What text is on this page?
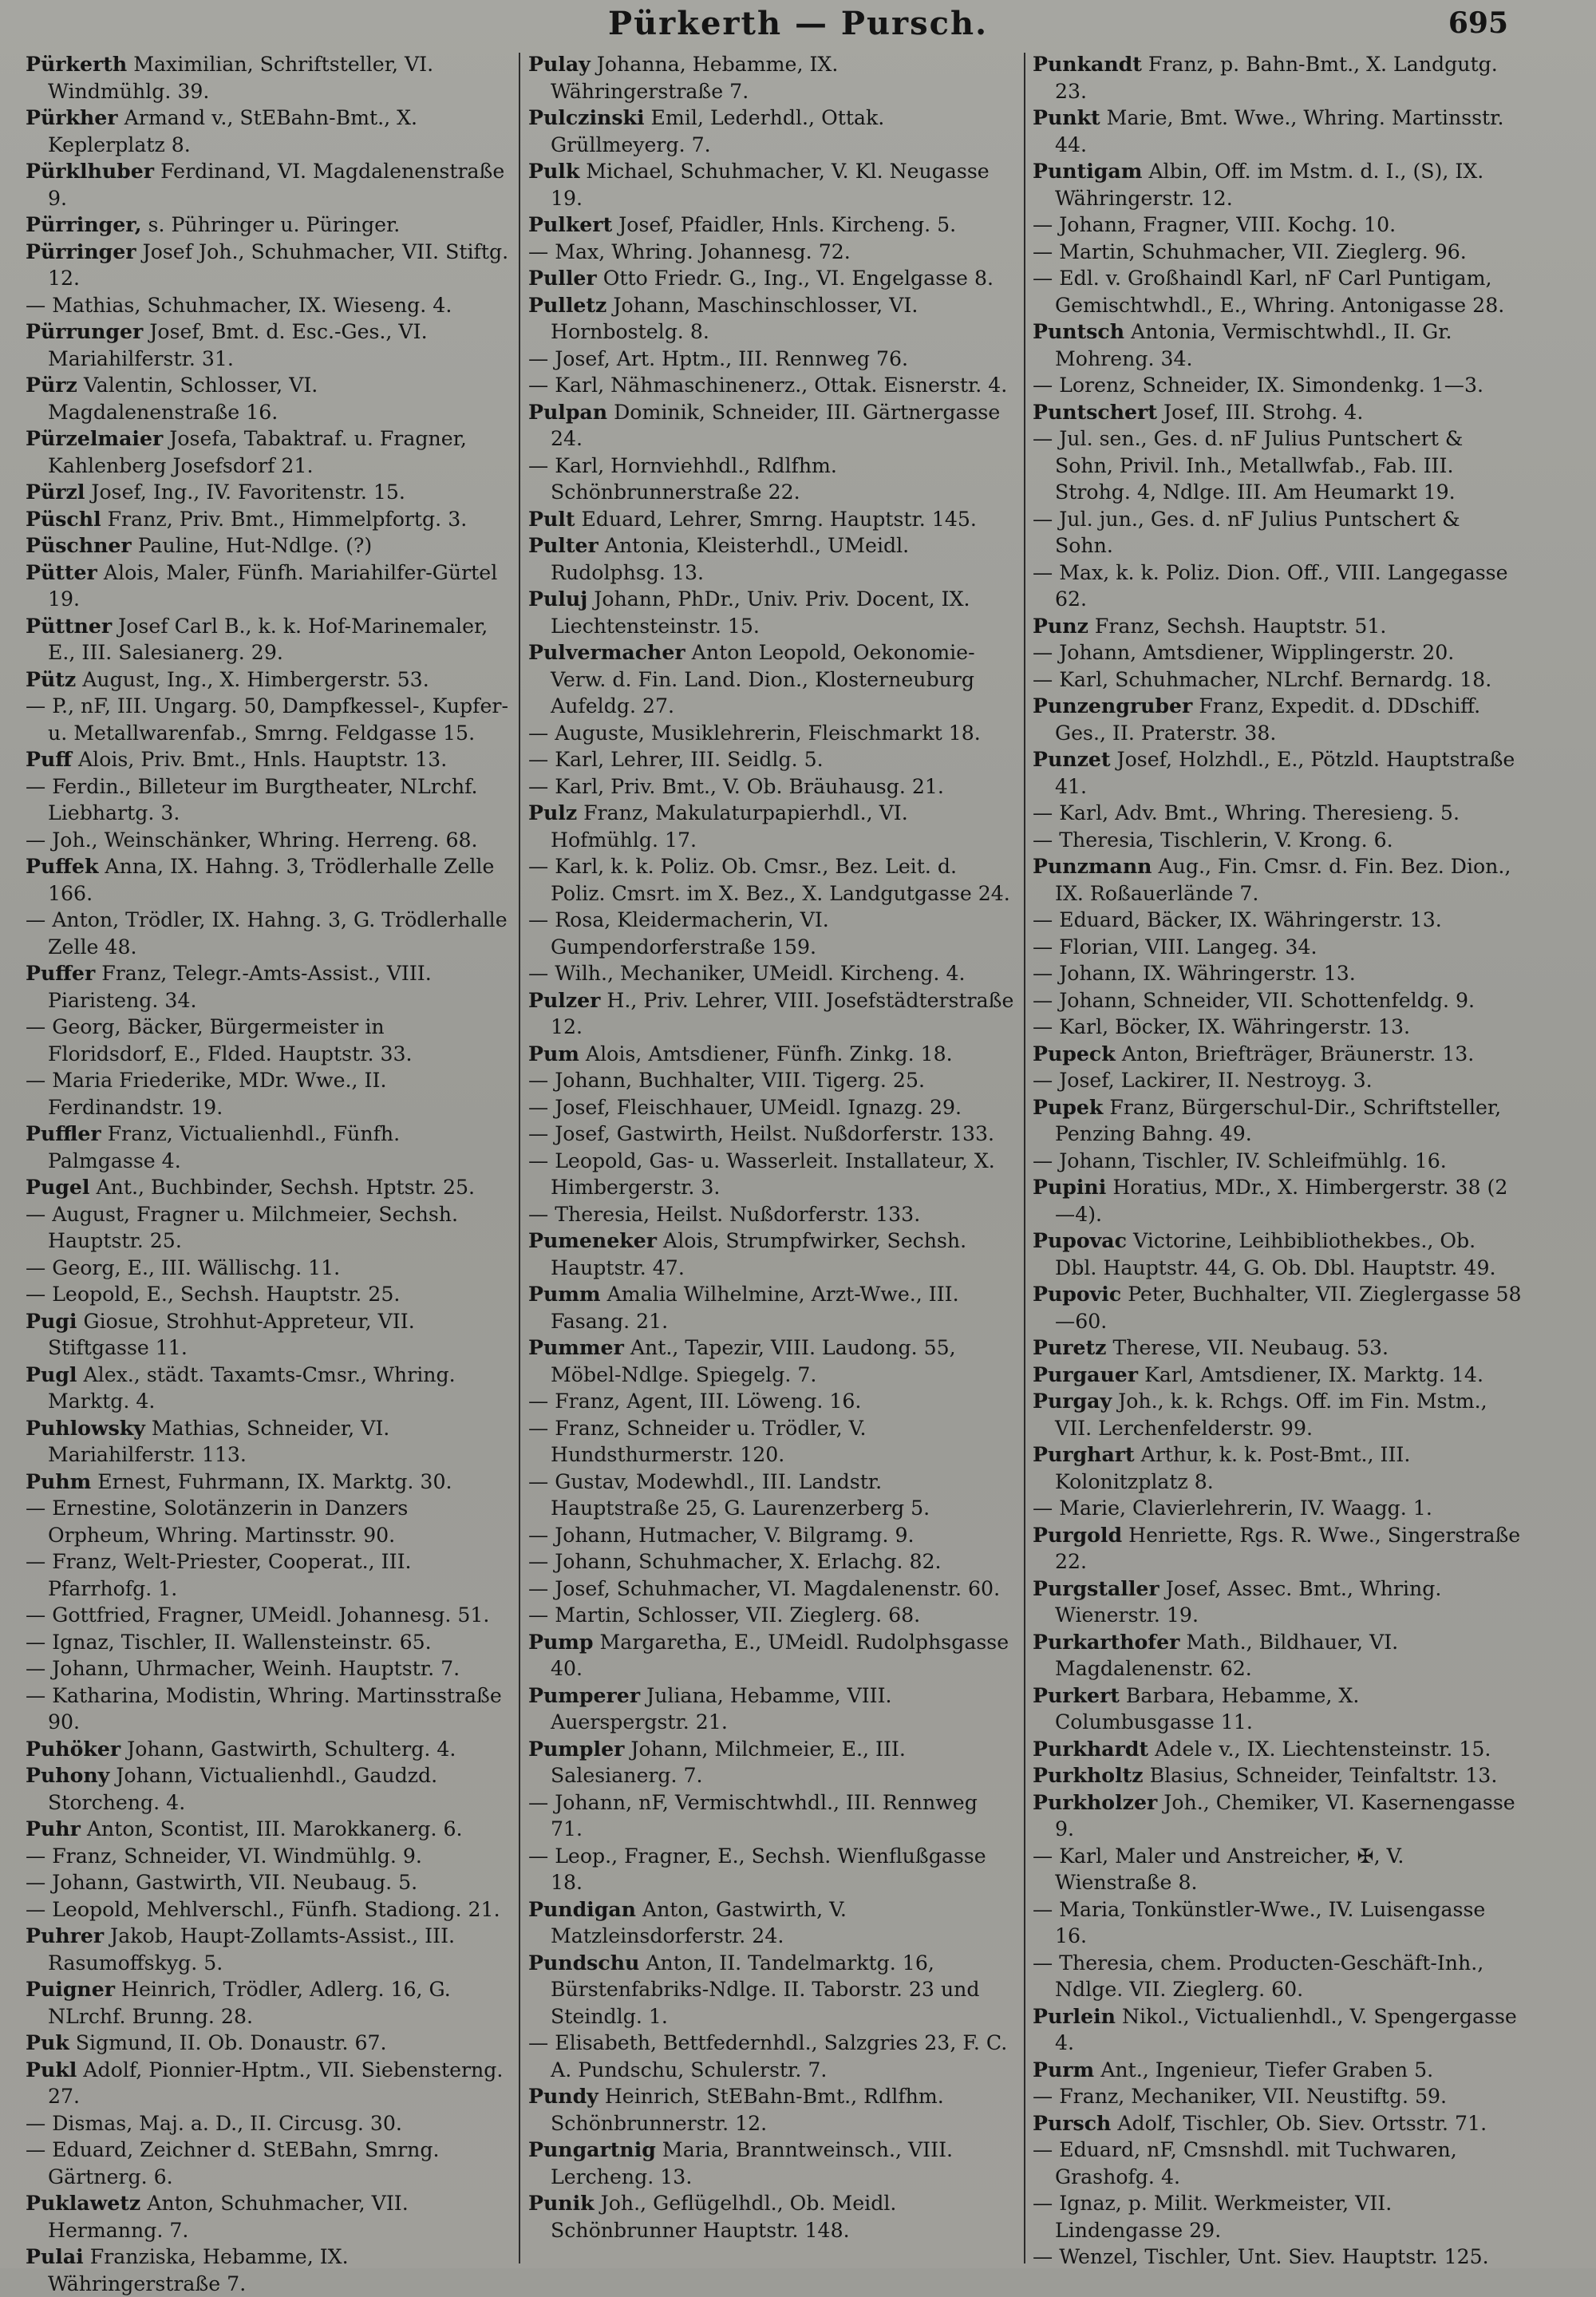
Pürkerth — Pursch.	695

Pürkerth Maximilian, Schriftsteller, VI. Windmühlg. 39.

Pürkher Armand v., StEBahn-Bmt., X. Keplerplatz 8.

Pürklhuber Ferdinand, VI. Magdalenenstraße 9.

Pürringer, s. Pühringer u. Püringer.

Pürringer Josef Joh., Schuhmacher, VII. Stiftg. 12.

— Mathias, Schuhmacher, IX. Wieseng. 4.

Pürrunger Josef, Bmt. d. Esc.-Ges., VI. Mariahilferstr. 31.

Pürz Valentin, Schlosser, VI. Magdalenenstraße 16.

Pürzelmaier Josefa, Tabaktraf. u. Fragner, Kahlenberg Josefsdorf 21.

Pürzl Josef, Ing., IV. Favoritenstr. 15.

Püschl Franz, Priv. Bmt., Himmelpfortg. 3.

Püschner Pauline, Hut-Ndlge. (?)

Pütter Alois, Maler, Fünfh. Mariahilfer-Gürtel 19.

Püttner Josef Carl B., k. k. Hof-Marinemaler, E., III. Salesianerg. 29.

Pütz August, Ing., X. Himbergerstr. 53.

— P., nF, III. Ungarg. 50, Dampfkessel-, Kupfer- u. Metallwarenfab., Smrng. Feldgasse 15.

Puff Alois, Priv. Bmt., Hnls. Hauptstr. 13.

— Ferdin., Billeteur im Burgtheater, NLrchf. Liebhartg. 3.

— Joh., Weinschänker, Whring. Herreng. 68.

Puffek Anna, IX. Hahng. 3, Trödlerhalle Zelle 166.

— Anton, Trödler, IX. Hahng. 3, G. Trödlerhalle Zelle 48.

Puffer Franz, Telegr.-Amts-Assist., VIII. Piaristeng. 34.

— Georg, Bäcker, Bürgermeister in Floridsdorf, E., Flded. Hauptstr. 33.

— Maria Friederike, MDr. Wwe., II. Ferdinandstr. 19.

Puffler Franz, Victualienhdl., Fünfh. Palmgasse 4.

Pugel Ant., Buchbinder, Sechsh. Hptstr. 25.

— August, Fragner u. Milchmeier, Sechsh. Hauptstr. 25.

— Georg, E., III. Wällischg. 11.

— Leopold, E., Sechsh. Hauptstr. 25.

Pugi Giosue, Strohhut-Appreteur, VII. Stiftgasse 11.

Pugl Alex., städt. Taxamts-Cmsr., Whring. Marktg. 4.

Puhlowsky Mathias, Schneider, VI. Mariahilferstr. 113.

Puhm Ernest, Fuhrmann, IX. Marktg. 30.

— Ernestine, Solotänzerin in Danzers Orpheum, Whring. Martinsstr. 90.

— Franz, Welt-Priester, Cooperat., III. Pfarrhofg. 1.

— Gottfried, Fragner, UMeidl. Johannesg. 51.

— Ignaz, Tischler, II. Wallensteinstr. 65.

— Johann, Uhrmacher, Weinh. Hauptstr. 7.

— Katharina, Modistin, Whring. Martinsstraße 90.

Puhöker Johann, Gastwirth, Schulterg. 4.

Puhony Johann, Victualienhdl., Gaudzd. Storcheng. 4.

Puhr Anton, Scontist, III. Marokkanerg. 6.

— Franz, Schneider, VI. Windmühlg. 9.

— Johann, Gastwirth, VII. Neubaug. 5.

— Leopold, Mehlverschl., Fünfh. Stadiong. 21.

Puhrer Jakob, Haupt-Zollamts-Assist., III. Rasumoffskyg. 5.

Puigner Heinrich, Trödler, Adlerg. 16, G. NLrchf. Brunng. 28.

Puk Sigmund, II. Ob. Donaustr. 67.

Pukl Adolf, Pionnier-Hptm., VII. Siebensterng. 27.

— Dismas, Maj. a. D., II. Circusg. 30.

— Eduard, Zeichner d. StEBahn, Smrng. Gärtnerg. 6.

Puklawetz Anton, Schuhmacher, VII. Hermanng. 7.

Pulai Franziska, Hebamme, IX. Währingerstraße 7.

Pulay Johanna, Hebamme, IX. Währingerstraße 7.

Pulczinski Emil, Lederhdl., Ottak. Grüllmeyerg. 7.

Pulk Michael, Schuhmacher, V. Kl. Neugasse 19.

Pulkert Josef, Pfaidler, Hnls. Kircheng. 5.

— Max, Whring. Johannesg. 72.

Puller Otto Friedr. G., Ing., VI. Engelgasse 8.

Pulletz Johann, Maschinschlosser, VI. Hornbostelg. 8.

— Josef, Art. Hptm., III. Rennweg 76.

— Karl, Nähmaschinenerz., Ottak. Eisnerstr. 4.

Pulpan Dominik, Schneider, III. Gärtnergasse 24.

— Karl, Hornviehhdl., Rdlfhm. Schönbrunnerstraße 22.

Pult Eduard, Lehrer, Smrng. Hauptstr. 145.

Pulter Antonia, Kleisterhdl., UMeidl. Rudolphsg. 13.

Puluj Johann, PhDr., Univ. Priv. Docent, IX. Liechtensteinstr. 15.

Pulvermacher Anton Leopold, Oekonomie-Verw. d. Fin. Land. Dion., Klosterneuburg Aufeldg. 27.

— Auguste, Musiklehrerin, Fleischmarkt 18.

— Karl, Lehrer, III. Seidlg. 5.

— Karl, Priv. Bmt., V. Ob. Bräuhausg. 21.

Pulz Franz, Makulaturpapierhdl., VI. Hofmühlg. 17.

— Karl, k. k. Poliz. Ob. Cmsr., Bez. Leit. d. Poliz. Cmsrt. im X. Bez., X. Landgutgasse 24.

— Rosa, Kleidermacherin, VI. Gumpendorferstraße 159.

— Wilh., Mechaniker, UMeidl. Kircheng. 4.

Pulzer H., Priv. Lehrer, VIII. Josefstädterstraße 12.

Pum Alois, Amtsdiener, Fünfh. Zinkg. 18.

— Johann, Buchhalter, VIII. Tigerg. 25.

— Josef, Fleischhauer, UMeidl. Ignazg. 29.

— Josef, Gastwirth, Heilst. Nußdorferstr. 133.

— Leopold, Gas- u. Wasserleit. Installateur, X. Himbergerstr. 3.

— Theresia, Heilst. Nußdorferstr. 133.

Pumeneker Alois, Strumpfwirker, Sechsh. Hauptstr. 47.

Pumm Amalia Wilhelmine, Arzt-Wwe., III. Fasang. 21.

Pummer Ant., Tapezir, VIII. Laudong. 55, Möbel-Ndlge. Spiegelg. 7.

— Franz, Agent, III. Löweng. 16.

— Franz, Schneider u. Trödler, V. Hundsthurmerstr. 120.

— Gustav, Modewhdl., III. Landstr. Hauptstraße 25, G. Laurenzerberg 5.

— Johann, Hutmacher, V. Bilgramg. 9.

— Johann, Schuhmacher, X. Erlachg. 82.

— Josef, Schuhmacher, VI. Magdalenenstr. 60.

— Martin, Schlosser, VII. Zieglerg. 68.

Pump Margaretha, E., UMeidl. Rudolphsgasse 40.

Pumperer Juliana, Hebamme, VIII. Auerspergstr. 21.

Pumpler Johann, Milchmeier, E., III. Salesianerg. 7.

— Johann, nF, Vermischtwhdl., III. Rennweg 71.

— Leop., Fragner, E., Sechsh. Wienflußgasse 18.

Pundigan Anton, Gastwirth, V. Matzleinsdorferstr. 24.

Pundschu Anton, II. Tandelmarktg. 16, Bürstenfabriks-Ndlge. II. Taborstr. 23 und Steindlg. 1.

— Elisabeth, Bettfedernhdl., Salzgries 23, F. C. A. Pundschu, Schulerstr. 7.

Pundy Heinrich, StEBahn-Bmt., Rdlfhm. Schönbrunnerstr. 12.

Pungartnig Maria, Branntweinsch., VIII. Lercheng. 13.

Punik Joh., Geflügelhdl., Ob. Meidl. Schönbrunner Hauptstr. 148.

Punkandt Franz, p. Bahn-Bmt., X. Landgutg. 23.

Punkt Marie, Bmt. Wwe., Whring. Martinsstr. 44.

Puntigam Albin, Off. im Mstm. d. I., (S), IX. Währingerstr. 12.

— Johann, Fragner, VIII. Kochg. 10.

— Martin, Schuhmacher, VII. Zieglerg. 96.

— Edl. v. Großhaindl Karl, nF Carl Puntigam, Gemischtwhdl., E., Whring. Antonigasse 28.

Puntsch Antonia, Vermischtwhdl., II. Gr. Mohreng. 34.

— Lorenz, Schneider, IX. Simondenkg. 1—3.

Puntschert Josef, III. Strohg. 4.

— Jul. sen., Ges. d. nF Julius Puntschert & Sohn, Privil. Inh., Metallwfab., Fab. III. Strohg. 4, Ndlge. III. Am Heumarkt 19.

— Jul. jun., Ges. d. nF Julius Puntschert & Sohn.

— Max, k. k. Poliz. Dion. Off., VIII. Langegasse 62.

Punz Franz, Sechsh. Hauptstr. 51.

— Johann, Amtsdiener, Wipplingerstr. 20.

— Karl, Schuhmacher, NLrchf. Bernardg. 18.

Punzengruber Franz, Expedit. d. DDschiff. Ges., II. Praterstr. 38.

Punzet Josef, Holzhdl., E., Pötzld. Hauptstraße 41.

— Karl, Adv. Bmt., Whring. Theresieng. 5.

— Theresia, Tischlerin, V. Krong. 6.

Punzmann Aug., Fin. Cmsr. d. Fin. Bez. Dion., IX. Roßauerlände 7.

— Eduard, Bäcker, IX. Währingerstr. 13.

— Florian, VIII. Langeg. 34.

— Johann, IX. Währingerstr. 13.

— Johann, Schneider, VII. Schottenfeldg. 9.

— Karl, Böcker, IX. Währingerstr. 13.

Pupeck Anton, Briefträger, Bräunerstr. 13.

— Josef, Lackirer, II. Nestroyg. 3.

Pupek Franz, Bürgerschul-Dir., Schriftsteller, Penzing Bahng. 49.

— Johann, Tischler, IV. Schleifmühlg. 16.

Pupini Horatius, MDr., X. Himbergerstr. 38 (2—4).

Pupovac Victorine, Leihbibliothekbes., Ob. Dbl. Hauptstr. 44, G. Ob. Dbl. Hauptstr. 49.

Pupovic Peter, Buchhalter, VII. Zieglergasse 58—60.

Puretz Therese, VII. Neubaug. 53.

Purgauer Karl, Amtsdiener, IX. Marktg. 14.

Purgay Joh., k. k. Rchgs. Off. im Fin. Mstm., VII. Lerchenfelderstr. 99.

Purghart Arthur, k. k. Post-Bmt., III. Kolonitzplatz 8.

— Marie, Clavierlehrerin, IV. Waagg. 1.

Purgold Henriette, Rgs. R. Wwe., Singerstraße 22.

Purgstaller Josef, Assec. Bmt., Whring. Wienerstr. 19.

Purkarthofer Math., Bildhauer, VI. Magdalenenstr. 62.

Purkert Barbara, Hebamme, X. Columbusgasse 11.

Purkhardt Adele v., IX. Liechtensteinstr. 15.

Purkholtz Blasius, Schneider, Teinfaltstr. 13.

Purkholzer Joh., Chemiker, VI. Kasernengasse 9.

— Karl, Maler und Anstreicher, ✠, V. Wienstraße 8.

— Maria, Tonkünstler-Wwe., IV. Luisengasse 16.

— Theresia, chem. Producten-Geschäft-Inh., Ndlge. VII. Zieglerg. 60.

Purlein Nikol., Victualienhdl., V. Spengergasse 4.

Purm Ant., Ingenieur, Tiefer Graben 5.

— Franz, Mechaniker, VII. Neustiftg. 59.

Pursch Adolf, Tischler, Ob. Siev. Ortsstr. 71.

— Eduard, nF, Cmsnshdl. mit Tuchwaren, Grashofg. 4.

— Ignaz, p. Milit. Werkmeister, VII. Lindengasse 29.

— Wenzel, Tischler, Unt. Siev. Hauptstr. 125.
